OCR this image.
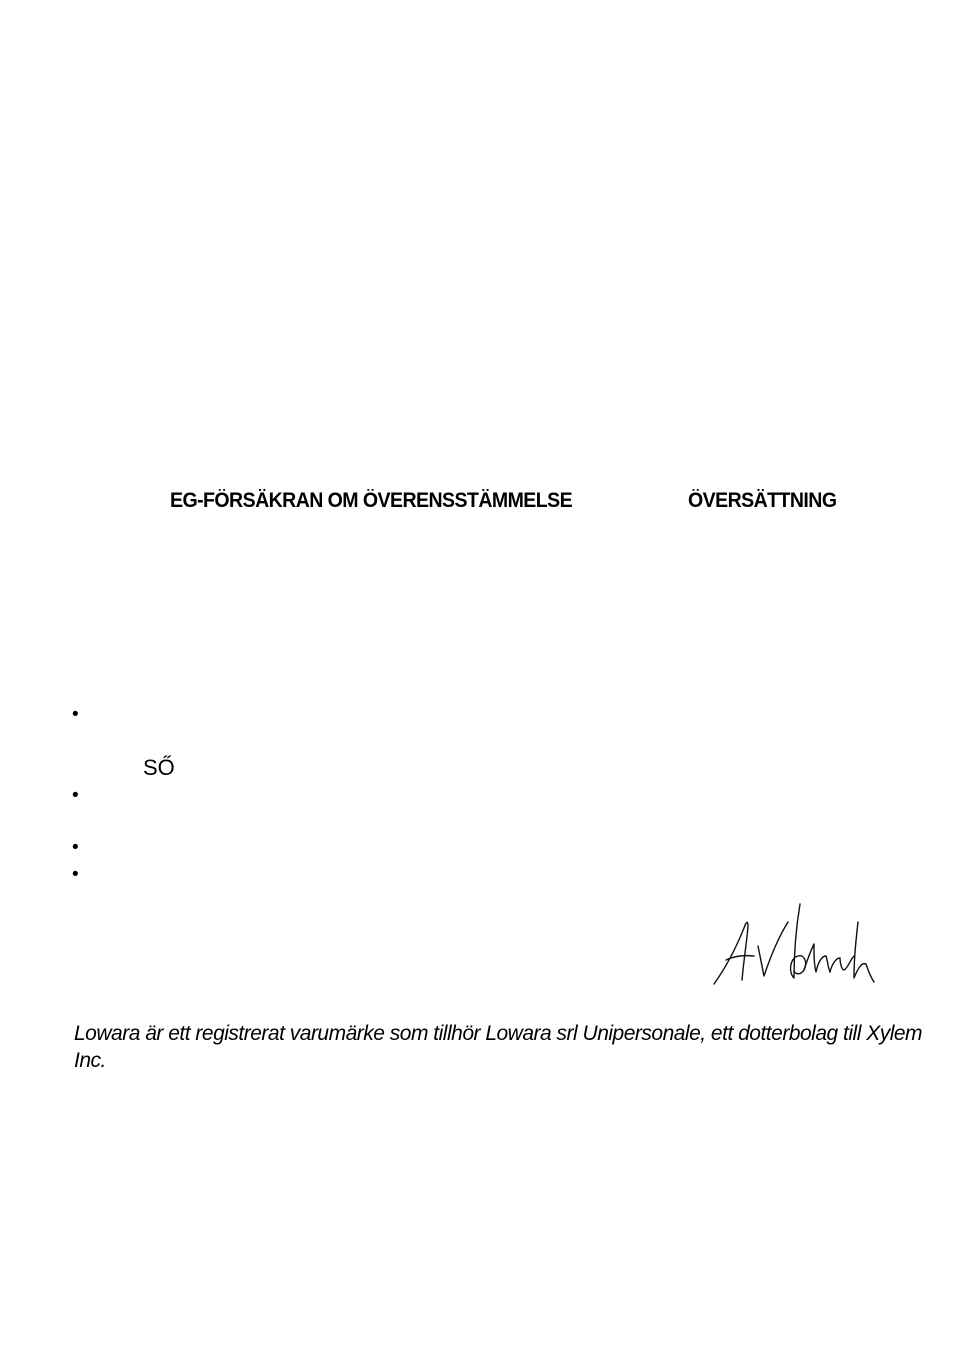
EG-FÖRSÄKRAN OM ÖVERENSSTÄMMELSE	ÖVERSÄTTNING
•
SŐ
•
•
•
Lowara är ett registrerat varumärke som tillhör Lowara srl Unipersonale, ett dotterbolag till Xylem Inc.
